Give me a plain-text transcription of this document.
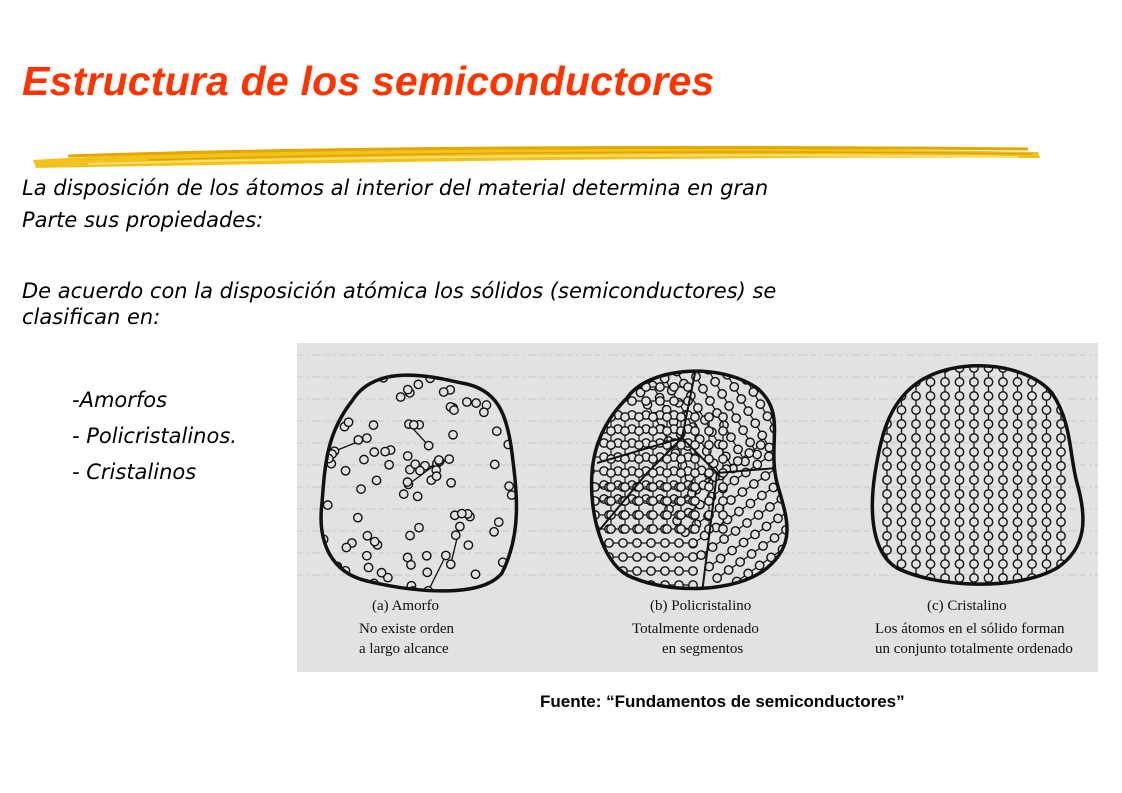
Estructura de los semiconductores
La disposición de los átomos al interior del material determina en gran
Parte sus propiedades:
De acuerdo con la disposición atómica los sólidos (semiconductores) se
clasifican en:
-Amorfos
- Policristalinos.
- Cristalinos
(a) Amorfo
No existe orden
a largo alcance
(b) Policristalino
Totalmente ordenado
en segmentos
(c) Cristalino
Los átomos en el sólido forman
un conjunto totalmente ordenado
Fuente: “Fundamentos de semiconductores”
